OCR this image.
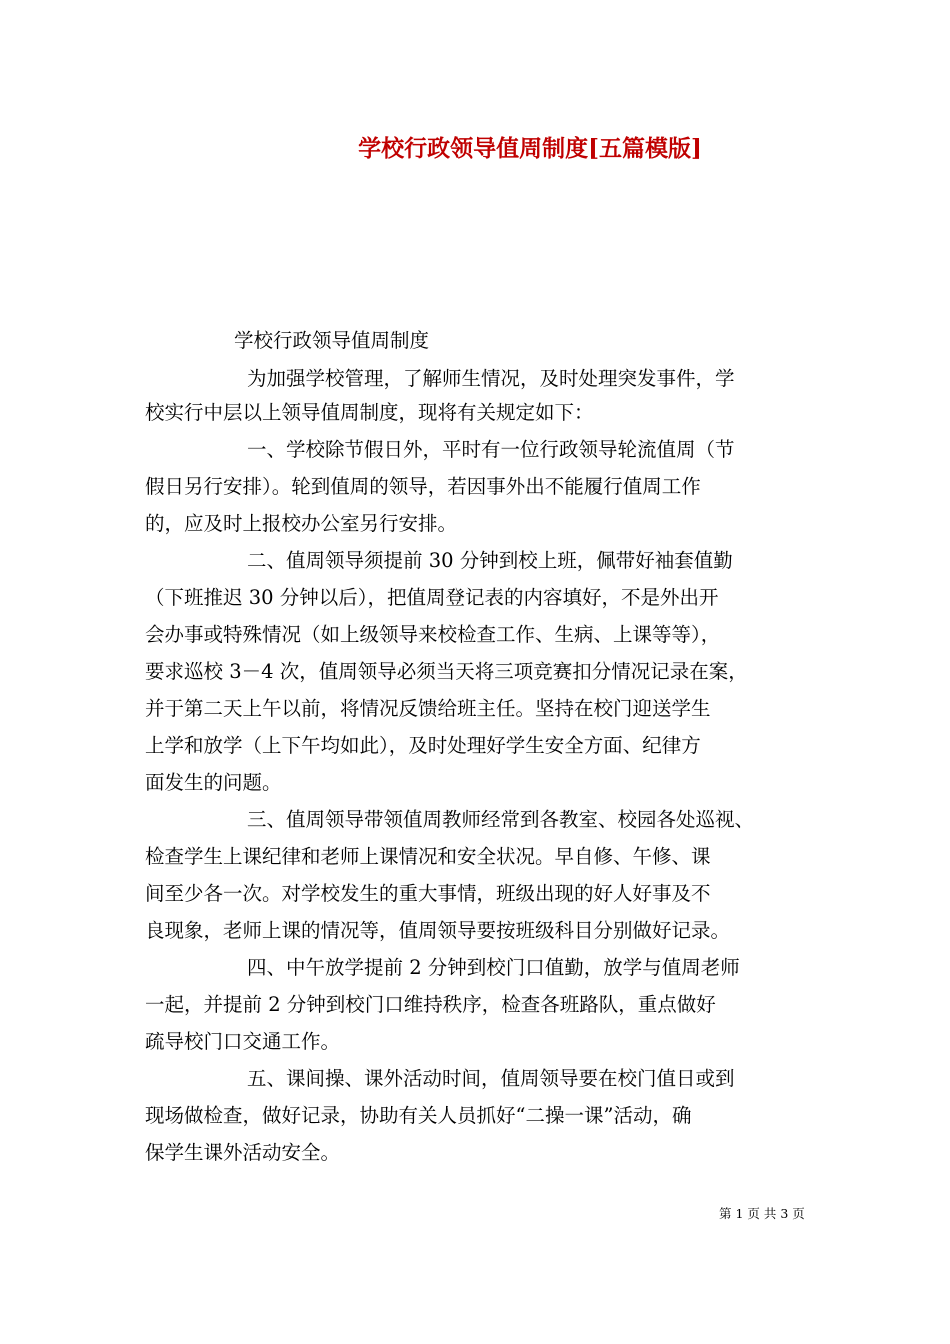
学校行政领导值周制度[五篇模版]
学校行政领导值周制度
为加强学校管理，了解师生情况，及时处理突发事件，学
校实行中层以上领导值周制度，现将有关规定如下：
一、学校除节假日外，平时有一位行政领导轮流值周（节
假日另行安排）。轮到值周的领导，若因事外出不能履行值周工作
的，应及时上报校办公室另行安排。
二、值周领导须提前 30 分钟到校上班，佩带好袖套值勤
（下班推迟 30 分钟以后），把值周登记表的内容填好，不是外出开
会办事或特殊情况（如上级领导来校检查工作、生病、上课等等），
要求巡校 3－4 次，值周领导必须当天将三项竞赛扣分情况记录在案，
并于第二天上午以前，将情况反馈给班主任。坚持在校门迎送学生
上学和放学（上下午均如此），及时处理好学生安全方面、纪律方
面发生的问题。
三、值周领导带领值周教师经常到各教室、校园各处巡视、
检查学生上课纪律和老师上课情况和安全状况。早自修、午修、课
间至少各一次。对学校发生的重大事情，班级出现的好人好事及不
良现象，老师上课的情况等，值周领导要按班级科目分别做好记录。
四、中午放学提前 2 分钟到校门口值勤，放学与值周老师
一起，并提前 2 分钟到校门口维持秩序，检查各班路队，重点做好
疏导校门口交通工作。
五、课间操、课外活动时间，值周领导要在校门值日或到
现场做检查，做好记录，协助有关人员抓好“二操一课”活动，确
保学生课外活动安全。
第 1 页 共 3 页
